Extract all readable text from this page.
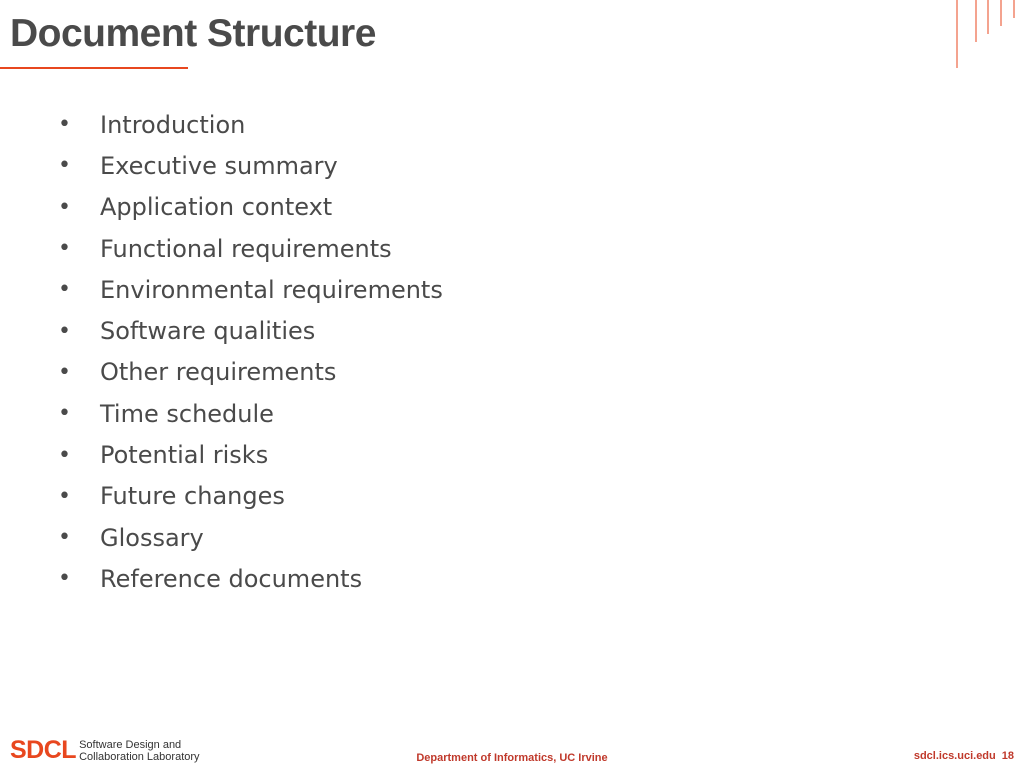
Document Structure
•	Introduction
•	Executive summary
•	Application context
•	Functional requirements
•	Environmental requirements
•	Software qualities
•	Other requirements
•	Time schedule
•	Potential risks
•	Future changes
•	Glossary
•	Reference documents
SDCL Software Design and
Collaboration Laboratory	Department of Informatics, UC Irvine	sdcl.ics.uci.edu 18
